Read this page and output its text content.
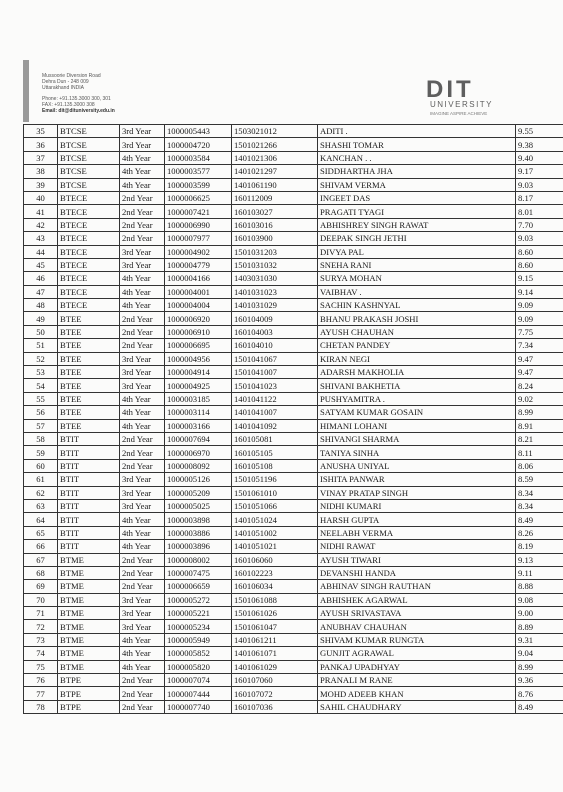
Mussoorie Diversion Road
Dehra Dun - 248 009
Uttarakhand INDIA
Phone: +91.135.3000 300, 301
FAX: +91.135.3000 308
Email: dit@dituniversity.edu.in
DIT
UNIVERSITY
IMAGINE ASPIRE ACHIEVE
35	BTCSE	3rd Year	1000005443	1503021012	ADITI .	9.55
36	BTCSE	3rd Year	1000004720	1501021266	SHASHI TOMAR	9.38
37	BTCSE	4th Year	1000003584	1401021306	KANCHAN . .	9.40
38	BTCSE	4th Year	1000003577	1401021297	SIDDHARTHA JHA	9.17
39	BTCSE	4th Year	1000003599	1401061190	SHIVAM VERMA	9.03
40	BTECE	2nd Year	1000006625	160112009	INGEET DAS	8.17
41	BTECE	2nd Year	1000007421	160103027	PRAGATI TYAGI	8.01
42	BTECE	2nd Year	1000006990	160103016	ABHISHREY SINGH RAWAT	7.70
43	BTECE	2nd Year	1000007977	160103900	DEEPAK SINGH JETHI	9.03
44	BTECE	3rd Year	1000004902	1501031203	DIVYA PAL	8.60
45	BTECE	3rd Year	1000004779	1501031032	SNEHA RANI	8.60
46	BTECE	4th Year	1000004166	1403031030	SURYA MOHAN	9.15
47	BTECE	4th Year	1000004001	1401031023	VAIBHAV .	9.14
48	BTECE	4th Year	1000004004	1401031029	SACHIN KASHNYAL	9.09
49	BTEE	2nd Year	1000006920	160104009	BHANU PRAKASH JOSHI	9.09
50	BTEE	2nd Year	1000006910	160104003	AYUSH CHAUHAN	7.75
51	BTEE	2nd Year	1000006695	160104010	CHETAN PANDEY	7.34
52	BTEE	3rd Year	1000004956	1501041067	KIRAN NEGI	9.47
53	BTEE	3rd Year	1000004914	1501041007	ADARSH MAKHOLIA	9.47
54	BTEE	3rd Year	1000004925	1501041023	SHIVANI BAKHETIA	8.24
55	BTEE	4th Year	1000003185	1401041122	PUSHYAMITRA .	9.02
56	BTEE	4th Year	1000003114	1401041007	SATYAM KUMAR GOSAIN	8.99
57	BTEE	4th Year	1000003166	1401041092	HIMANI LOHANI	8.91
58	BTIT	2nd Year	1000007694	160105081	SHIVANGI SHARMA	8.21
59	BTIT	2nd Year	1000006970	160105105	TANIYA SINHA	8.11
60	BTIT	2nd Year	1000008092	160105108	ANUSHA UNIYAL	8.06
61	BTIT	3rd Year	1000005126	1501051196	ISHITA PANWAR	8.59
62	BTIT	3rd Year	1000005209	1501061010	VINAY PRATAP SINGH	8.34
63	BTIT	3rd Year	1000005025	1501051066	NIDHI KUMARI	8.34
64	BTIT	4th Year	1000003898	1401051024	HARSH GUPTA	8.49
65	BTIT	4th Year	1000003886	1401051002	NEELABH VERMA	8.26
66	BTIT	4th Year	1000003896	1401051021	NIDHI RAWAT	8.19
67	BTME	2nd Year	1000008002	160106060	AYUSH TIWARI	9.13
68	BTME	2nd Year	1000007475	160102223	DEVANSHI HANDA	9.11
69	BTME	2nd Year	1000006659	160106034	ABHINAV SINGH RAUTHAN	8.88
70	BTME	3rd Year	1000005272	1501061088	ABHISHEK AGARWAL	9.08
71	BTME	3rd Year	1000005221	1501061026	AYUSH SRIVASTAVA	9.00
72	BTME	3rd Year	1000005234	1501061047	ANUBHAV CHAUHAN	8.89
73	BTME	4th Year	1000005949	1401061211	SHIVAM KUMAR RUNGTA	9.31
74	BTME	4th Year	1000005852	1401061071	GUNJIT AGRAWAL	9.04
75	BTME	4th Year	1000005820	1401061029	PANKAJ UPADHYAY	8.99
76	BTPE	2nd Year	1000007074	160107060	PRANALI M RANE	9.36
77	BTPE	2nd Year	1000007444	160107072	MOHD ADEEB KHAN	8.76
78	BTPE	2nd Year	1000007740	160107036	SAHIL CHAUDHARY	8.49
